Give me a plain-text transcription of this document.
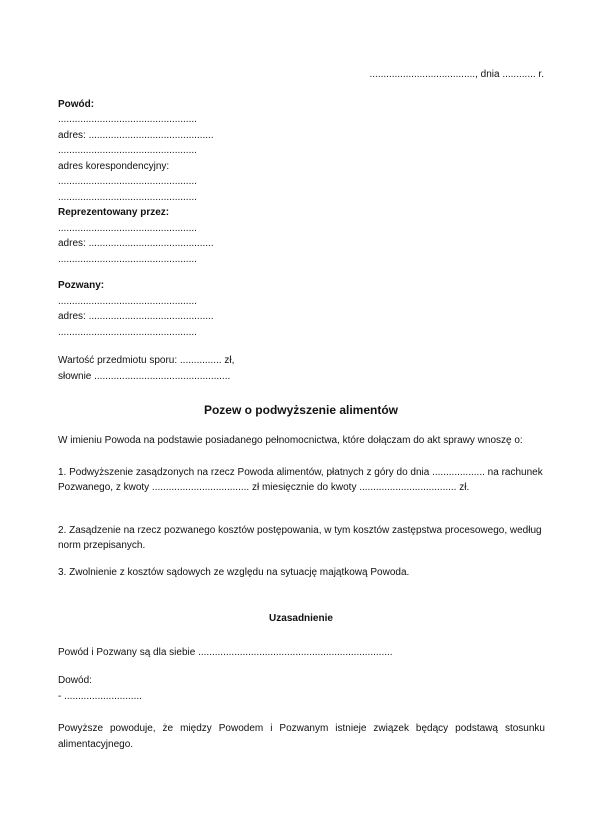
......................................, dnia ............ r.
Powód:
..................................................
adres: .............................................
..................................................
adres korespondencyjny:
..................................................
..................................................
Reprezentowany przez:
..................................................
adres: .............................................
..................................................
Pozwany:
..................................................
adres: .............................................
..................................................
Wartość przedmiotu sporu: ............... zł,
słownie .................................................
Pozew o podwyższenie alimentów
W imieniu Powoda na podstawie posiadanego pełnomocnictwa, które dołączam do akt sprawy wnoszę o:
1. Podwyższenie zasądzonych na rzecz Powoda alimentów, płatnych z góry do dnia ................... na rachunek
Pozwanego, z kwoty ................................... zł miesięcznie do kwoty ................................... zł.
2. Zasądzenie na rzecz pozwanego kosztów postępowania, w tym kosztów zastępstwa procesowego, według
norm przepisanych.
3. Zwolnienie z kosztów sądowych ze względu na sytuację majątkową Powoda.
Uzasadnienie
Powód i Pozwany są dla siebie ......................................................................
Dowód:
- ............................
Powyższe powoduje, że między Powodem i Pozwanym istnieje związek będący podstawą stosunku
alimentacyjnego.
